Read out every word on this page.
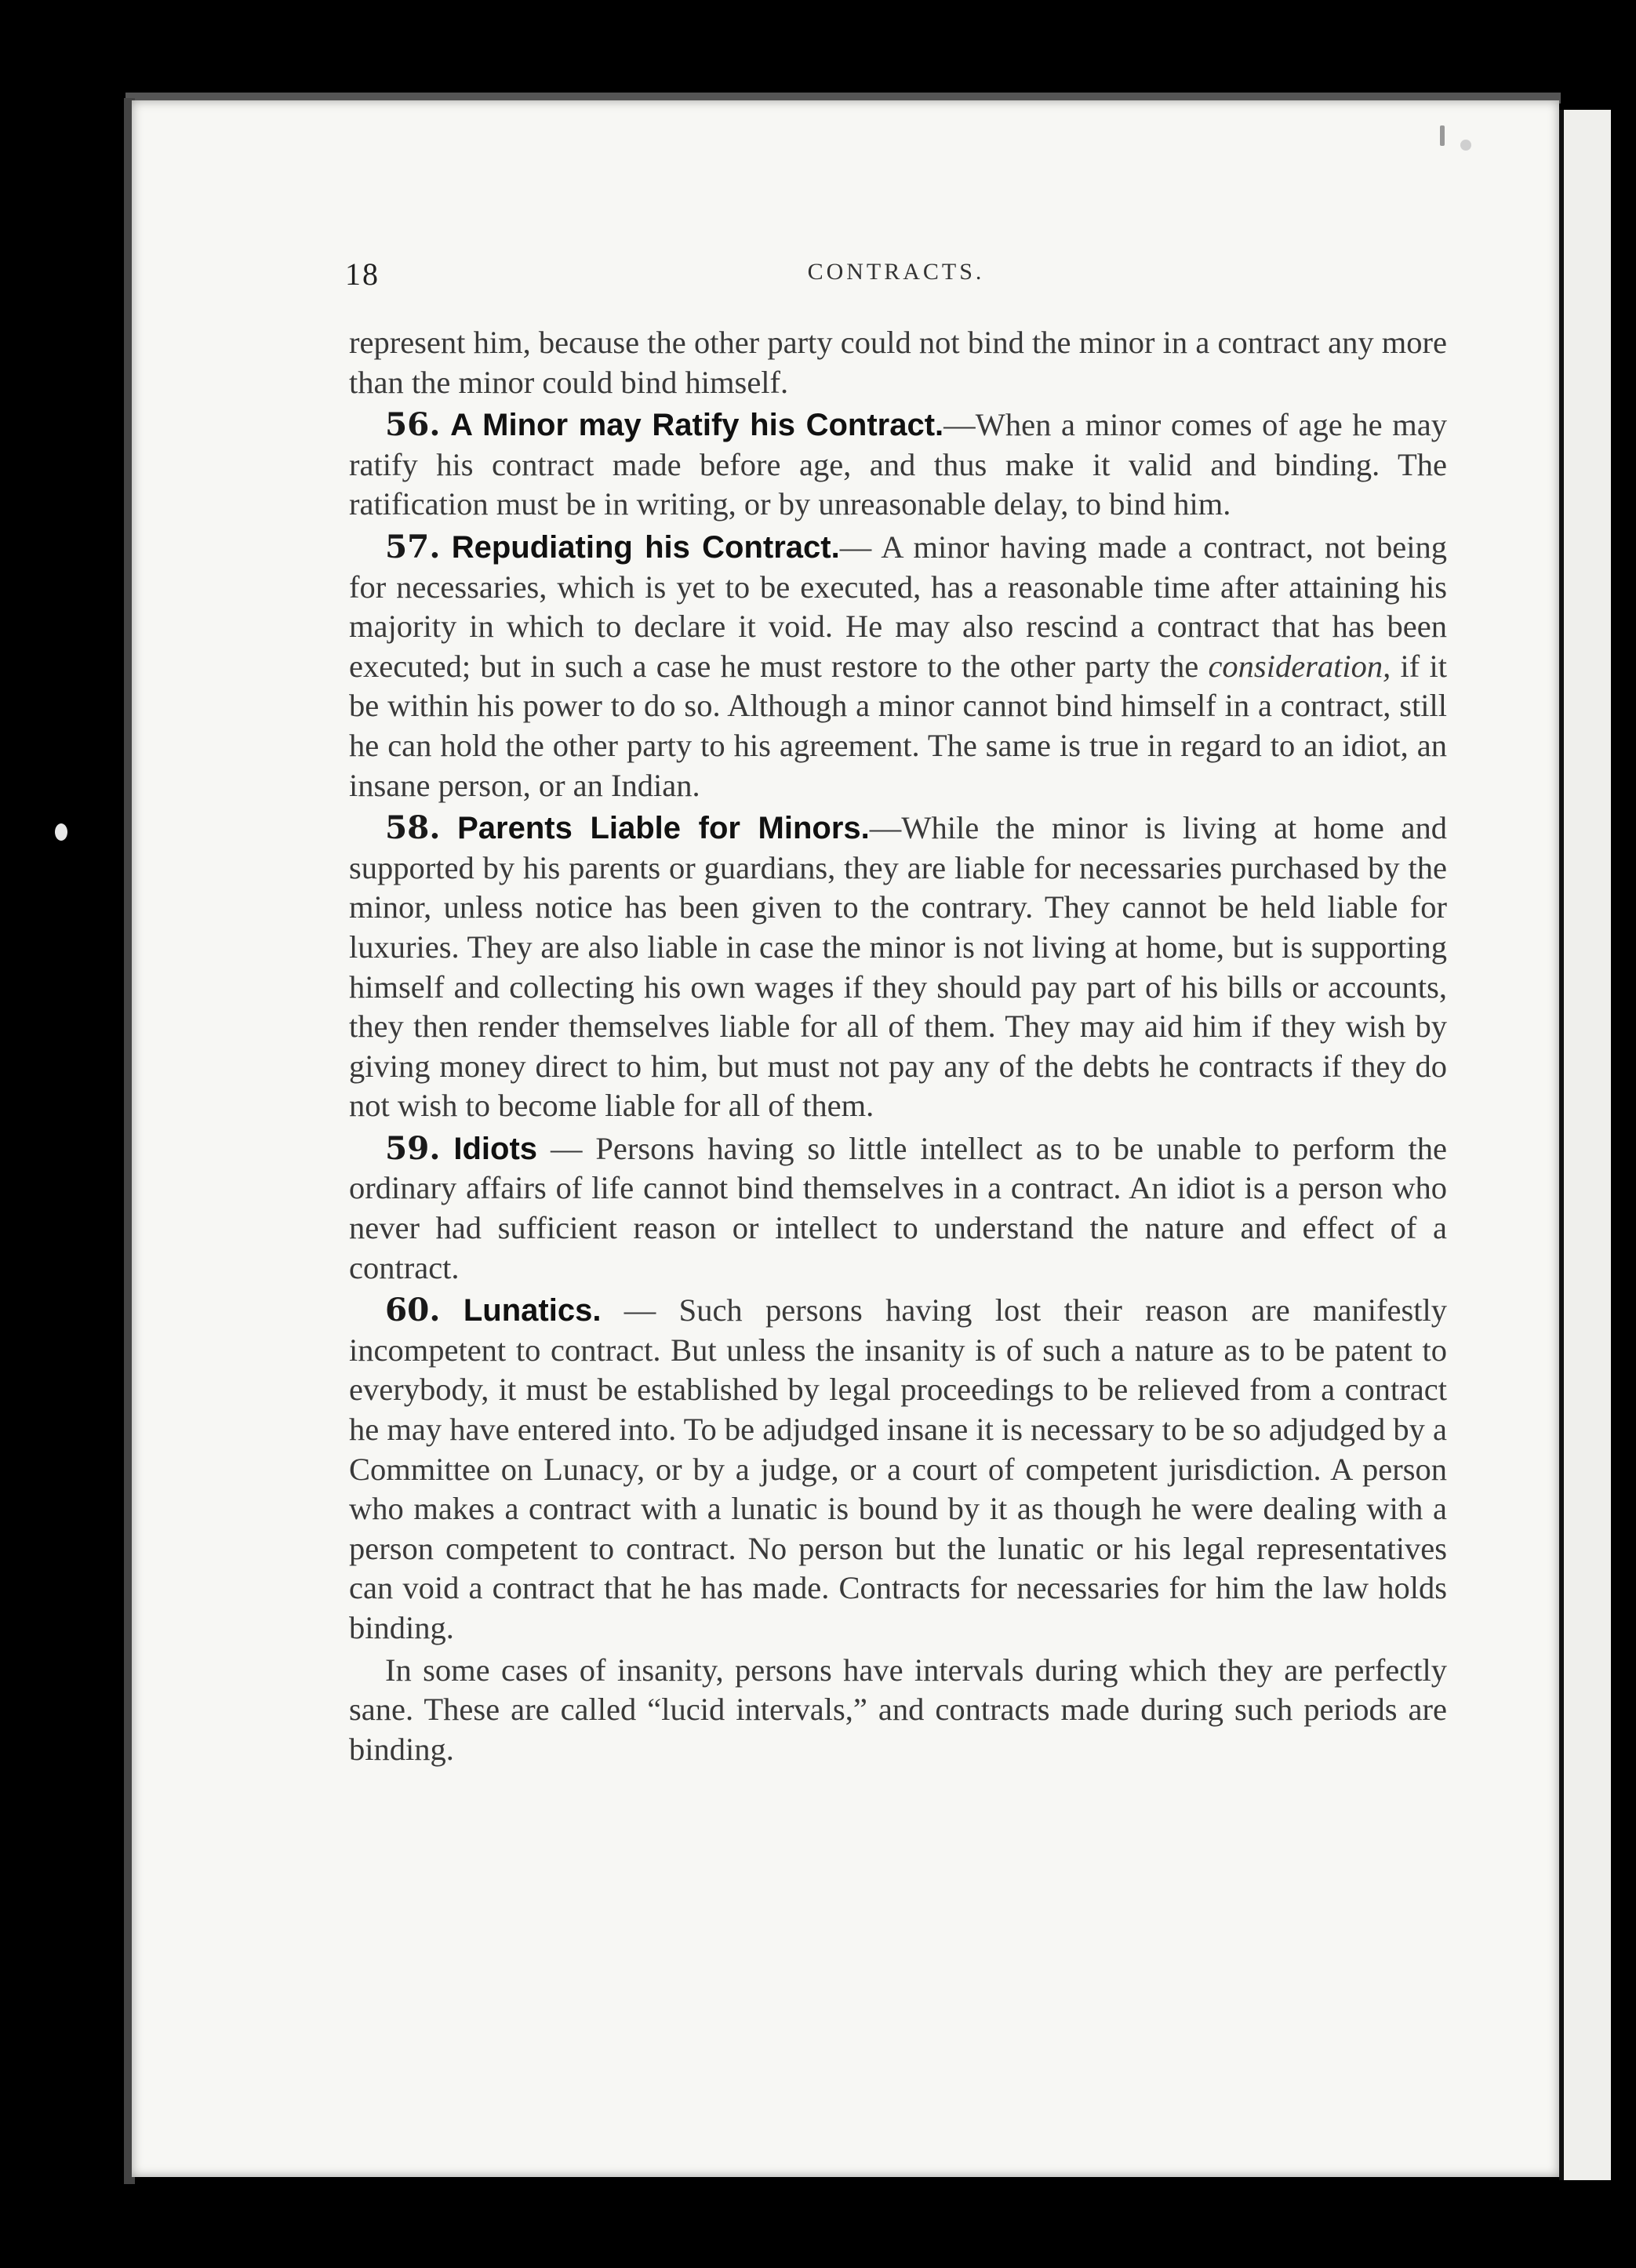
18	CONTRACTS.

represent him, because the other party could not bind the minor in a contract any more than the minor could bind himself.

56. A Minor may Ratify his Contract.—When a minor comes of age he may ratify his contract made before age, and thus make it valid and binding. The ratification must be in writing, or by unreasonable delay, to bind him.

57. Repudiating his Contract.— A minor having made a contract, not being for necessaries, which is yet to be executed, has a reasonable time after attaining his majority in which to declare it void. He may also rescind a contract that has been executed; but in such a case he must restore to the other party the consideration, if it be within his power to do so. Although a minor cannot bind himself in a contract, still he can hold the other party to his agreement. The same is true in regard to an idiot, an insane person, or an Indian.

58. Parents Liable for Minors.—While the minor is living at home and supported by his parents or guardians, they are liable for necessaries purchased by the minor, unless notice has been given to the contrary. They cannot be held liable for luxuries. They are also liable in case the minor is not living at home, but is supporting himself and collecting his own wages if they should pay part of his bills or accounts, they then render themselves liable for all of them. They may aid him if they wish by giving money direct to him, but must not pay any of the debts he contracts if they do not wish to become liable for all of them.

59. Idiots — Persons having so little intellect as to be unable to perform the ordinary affairs of life cannot bind themselves in a contract. An idiot is a person who never had sufficient reason or intellect to understand the nature and effect of a contract.

60. Lunatics. — Such persons having lost their reason are manifestly incompetent to contract. But unless the insanity is of such a nature as to be patent to everybody, it must be established by legal proceedings to be relieved from a contract he may have entered into. To be adjudged insane it is necessary to be so adjudged by a Committee on Lunacy, or by a judge, or a court of competent jurisdiction. A person who makes a contract with a lunatic is bound by it as though he were dealing with a person competent to contract. No person but the lunatic or his legal representatives can void a contract that he has made. Contracts for necessaries for him the law holds binding.

In some cases of insanity, persons have intervals during which they are perfectly sane. These are called “lucid intervals,” and contracts made during such periods are binding.
